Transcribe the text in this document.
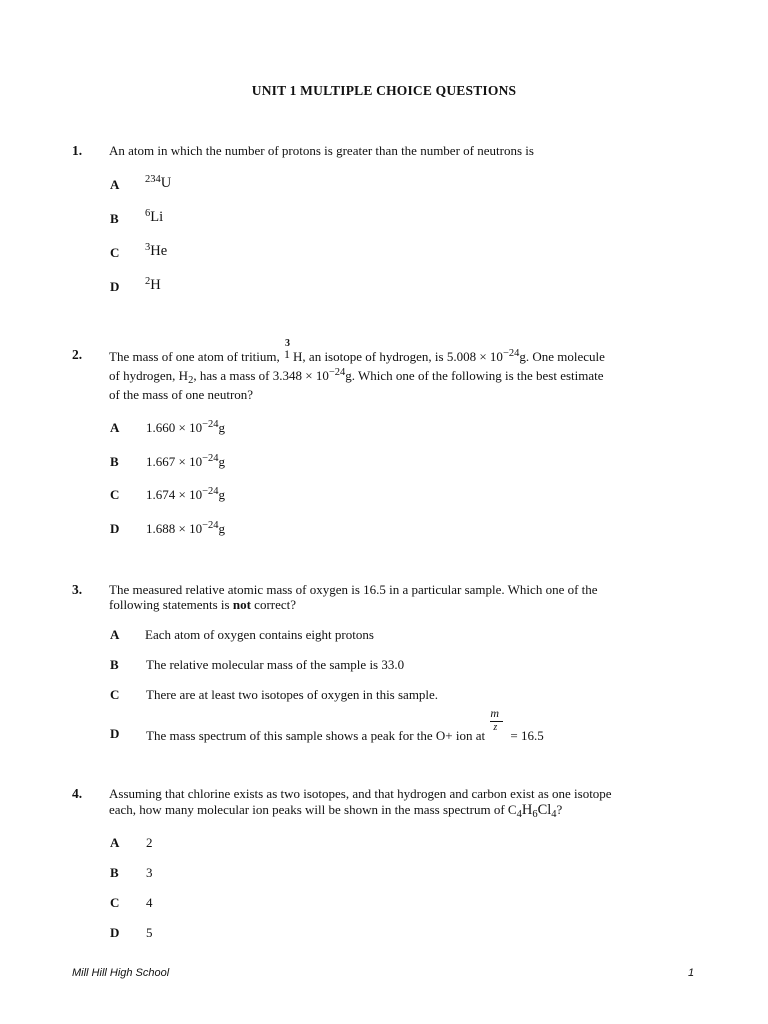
UNIT 1 MULTIPLE CHOICE QUESTIONS
1. An atom in which the number of protons is greater than the number of neutrons is
A $^{234}$U
B	$^6$Li
C $^3$He
D $^2$H
2. The mass of one atom of tritium,
3
1 H, an isotope of hydrogen, is $5.008 \times 10^{-24}g$. One molecule
of hydrogen, $H_2$, has a mass of $3.348 \times 10^{-24}g$. Which one of the following is the best estimate
of the mass of one neutron?
A $1.660 \times 10^{-24}g$
B $1.667 \times 10^{-24}g$
C $1.674 \times 10^{-24}g$
D $1.688 \times 10^{-24}g$
3. The measured relative atomic mass of oxygen is 16.5 in a particular sample. Which one of the
following statements is not correct?
A Each atom of oxygen contains eight protons
B The relative molecular mass of the sample is 33.0
C There are at least two isotopes of oxygen in this sample.
D The mass spectrum of this sample shows a peak for the O+ ion at $\frac{m}{z} = 16.5$
4. Assuming that chlorine exists as two isotopes, and that hydrogen and carbon exist as one isotope
each, how many molecular ion peaks will be shown in the mass spectrum of $C_4H_6Cl_4$?
A 2
B 3
C 4
D 5
Mill Hill High School	1
